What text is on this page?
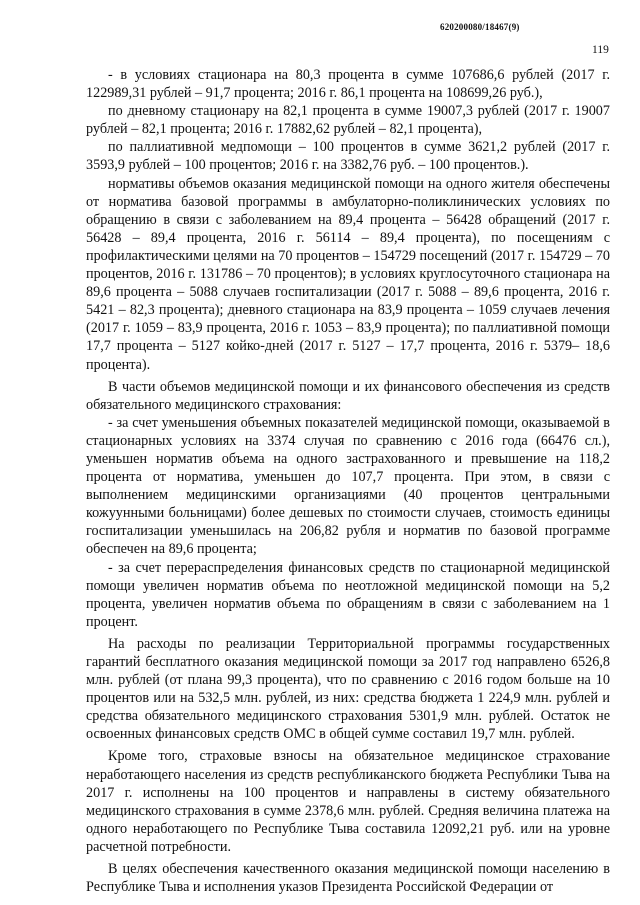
620200080/18467(9)
119

- в условиях стационара на 80,3 процента в сумме 107686,6 рублей (2017 г. 122989,31 рублей – 91,7 процента; 2016 г. 86,1 процента на 108699,26 руб.),

по дневному стационару на 82,1 процента в сумме 19007,3 рублей (2017 г. 19007 рублей – 82,1 процента; 2016 г. 17882,62 рублей – 82,1 процента),

по паллиативной медпомощи – 100 процентов в сумме 3621,2 рублей (2017 г. 3593,9 рублей – 100 процентов; 2016 г. на 3382,76 руб. – 100 процентов.).

нормативы объемов оказания медицинской помощи на одного жителя обеспечены от норматива базовой программы в амбулаторно-поликлинических условиях по обращению в связи с заболеванием на 89,4 процента – 56428 обращений (2017 г. 56428 – 89,4 процента, 2016 г. 56114 – 89,4 процента), по посещениям с профилактическими целями на 70 процентов – 154729 посещений (2017 г. 154729 – 70 процентов, 2016 г. 131786 – 70 процентов); в условиях круглосуточного стационара на 89,6 процента – 5088 случаев госпитализации (2017 г. 5088 – 89,6 процента, 2016 г. 5421 – 82,3 процента); дневного стационара на 83,9 процента – 1059 случаев лечения (2017 г. 1059 – 83,9 процента, 2016 г. 1053 – 83,9 процента); по паллиативной помощи 17,7 процента – 5127 койко-дней (2017 г. 5127 – 17,7 процента, 2016 г. 5379– 18,6 процента).

В части объемов медицинской помощи и их финансового обеспечения из средств обязательного медицинского страхования:

- за счет уменьшения объемных показателей медицинской помощи, оказываемой в стационарных условиях на 3374 случая по сравнению с 2016 года (66476 сл.), уменьшен норматив объема на одного застрахованного и превышение на 118,2 процента от норматива, уменьшен до 107,7 процента. При этом, в связи с выполнением медицинскими организациями (40 процентов центральными кожуунными больницами) более дешевых по стоимости случаев, стоимость единицы госпитализации уменьшилась на 206,82 рубля и норматив по базовой программе обеспечен на 89,6 процента;

- за счет перераспределения финансовых средств по стационарной медицинской помощи увеличен норматив объема по неотложной медицинской помощи на 5,2 процента, увеличен норматив объема по обращениям в связи с заболеванием на 1 процент.

На расходы по реализации Территориальной программы государственных гарантий бесплатного оказания медицинской помощи за 2017 год направлено 6526,8 млн. рублей (от плана 99,3 процента), что по сравнению с 2016 годом больше на 10 процентов или на 532,5 млн. рублей, из них: средства бюджета 1 224,9 млн. рублей и средства обязательного медицинского страхования 5301,9 млн. рублей. Остаток не освоенных финансовых средств ОМС в общей сумме составил 19,7 млн. рублей.

Кроме того, страховые взносы на обязательное медицинское страхование неработающего населения из средств республиканского бюджета Республики Тыва на 2017 г. исполнены на 100 процентов и направлены в систему обязательного медицинского страхования в сумме 2378,6 млн. рублей. Средняя величина платежа на одного неработающего по Республике Тыва составила 12092,21 руб. или на уровне расчетной потребности.

В целях обеспечения качественного оказания медицинской помощи населению в Республике Тыва и исполнения указов Президента Российской Федерации от
